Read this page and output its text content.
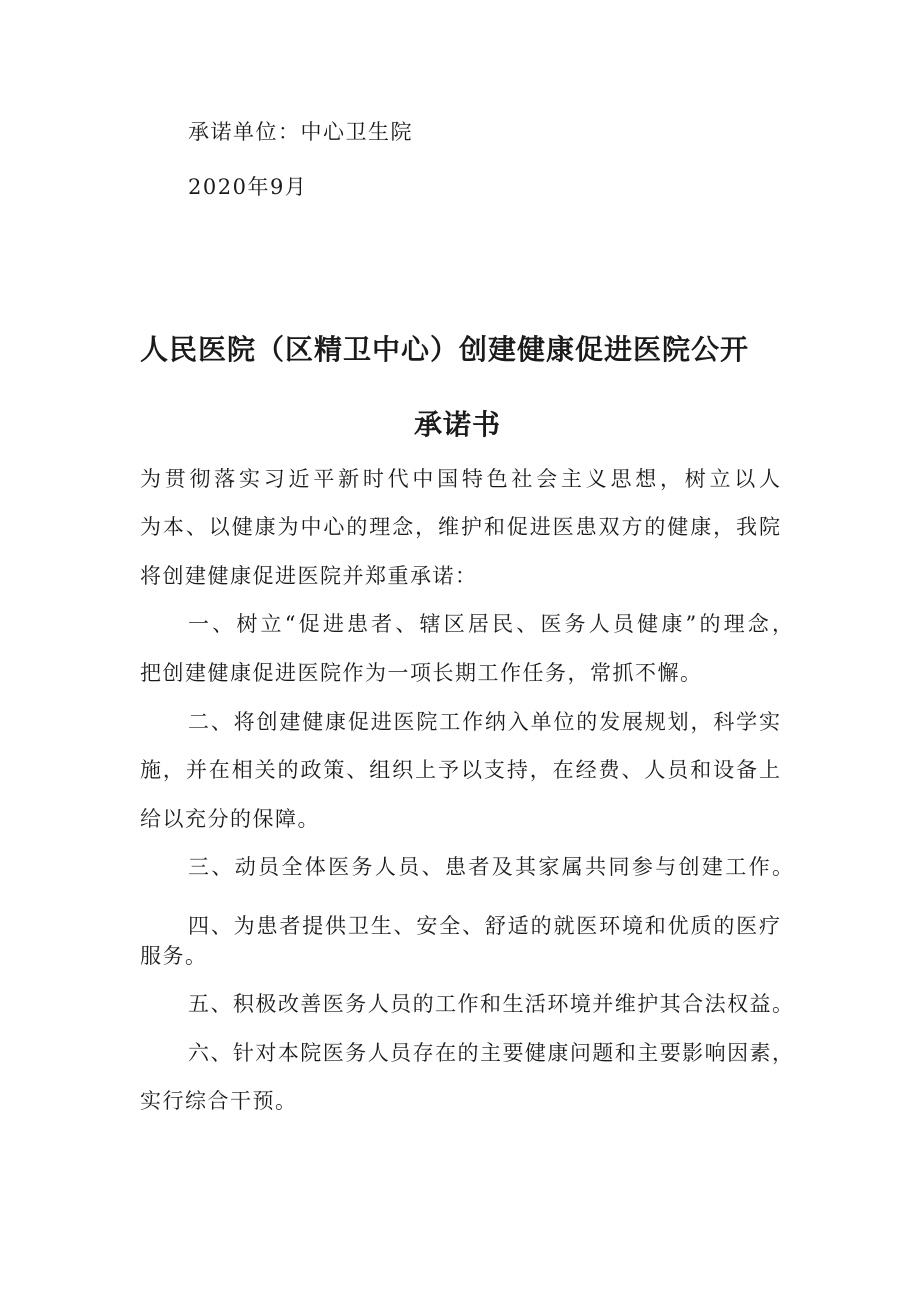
承诺单位：中心卫生院

2020年9月

人民医院（区精卫中心）创建健康促进医院公开
承诺书

为贯彻落实习近平新时代中国特色社会主义思想，树立以人

为本、以健康为中心的理念，维护和促进医患双方的健康，我院

将创建健康促进医院并郑重承诺：

一、树立“促进患者、辖区居民、医务人员健康”的理念，

把创建健康促进医院作为一项长期工作任务，常抓不懈。

二、将创建健康促进医院工作纳入单位的发展规划，科学实

施，并在相关的政策、组织上予以支持，在经费、人员和设备上

给以充分的保障。

三、动员全体医务人员、患者及其家属共同参与创建工作。

四、为患者提供卫生、安全、舒适的就医环境和优质的医疗

服务。

五、积极改善医务人员的工作和生活环境并维护其合法权益。

六、针对本院医务人员存在的主要健康问题和主要影响因素，

实行综合干预。
